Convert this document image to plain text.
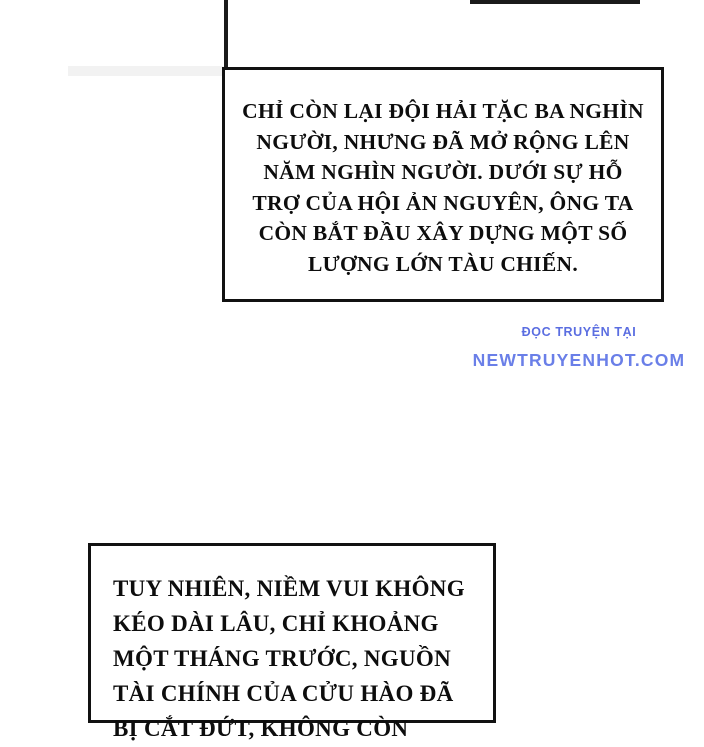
CHỈ CÒN LẠI ĐỘI HẢI TẶC BA NGHÌN NGƯỜI, NHƯNG ĐÃ MỞ RỘNG LÊN NĂM NGHÌN NGƯỜI. DƯỚI SỰ HỖ TRỢ CỦA HỘI ẢN NGUYÊN, ÔNG TA CÒN BẮT ĐẦU XÂY DỰNG MỘT SỐ LƯỢNG LỚN TÀU CHIẾN.
ĐỌC TRUYỆN TẠI
NEWTRUYENHOT.COM
TUY NHIÊN, NIỀM VUI KHÔNG KÉO DÀI LÂU, CHỈ KHOẢNG MỘT THÁNG TRƯỚC, NGUỒN TÀI CHÍNH CỦA CỬU HÀO ĐÃ BỊ CẮT ĐỨT, KHÔNG CÒN
